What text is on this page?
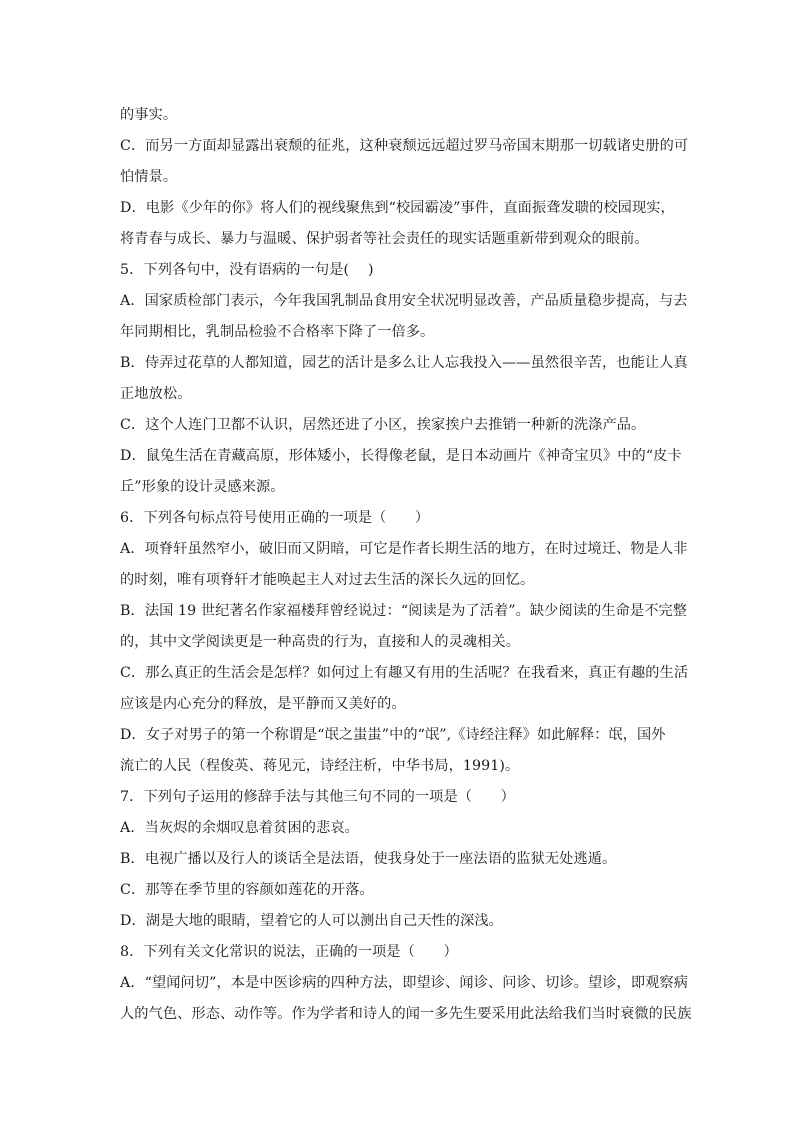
的事实。
C．而另一方面却显露出衰颓的征兆，这种衰颓远远超过罗马帝国末期那一切载诸史册的可
怕情景。
D．电影《少年的你》将人们的视线聚焦到“校园霸凌”事件，直面振聋发聩的校园现实，
将青春与成长、暴力与温暖、保护弱者等社会责任的现实话题重新带到观众的眼前。
5．下列各句中，没有语病的一句是(　 )
A．国家质检部门表示，今年我国乳制品食用安全状况明显改善，产品质量稳步提高，与去
年同期相比，乳制品检验不合格率下降了一倍多。
B．侍弄过花草的人都知道，园艺的活计是多么让人忘我投入——虽然很辛苦，也能让人真
正地放松。
C．这个人连门卫都不认识，居然还进了小区，挨家挨户去推销一种新的洗涤产品。
D．鼠兔生活在青藏高原，形体矮小，长得像老鼠，是日本动画片《神奇宝贝》中的“皮卡
丘”形象的设计灵感来源。
6．下列各句标点符号使用正确的一项是（　　）
A．项脊轩虽然窄小，破旧而又阴暗，可它是作者长期生活的地方，在时过境迁、物是人非
的时刻，唯有项脊轩才能唤起主人对过去生活的深长久远的回忆。
B．法国 19 世纪著名作家福楼拜曾经说过：“阅读是为了活着”。缺少阅读的生命是不完整
的，其中文学阅读更是一种高贵的行为，直接和人的灵魂相关。
C．那么真正的生活会是怎样？如何过上有趣又有用的生活呢？在我看来，真正有趣的生活
应该是内心充分的释放，是平静而又美好的。
D．女子对男子的第一个称谓是“氓之蚩蚩”中的“氓”,《诗经注释》如此解释：氓，国外
流亡的人民（程俊英、蒋见元，诗经注析，中华书局，1991)。
7．下列句子运用的修辞手法与其他三句不同的一项是（　　）
A．当灰烬的余烟叹息着贫困的悲哀。
B．电视广播以及行人的谈话全是法语，使我身处于一座法语的监狱无处逃遁。
C．那等在季节里的容颜如莲花的开落。
D．湖是大地的眼睛，望着它的人可以测出自己天性的深浅。
8．下列有关文化常识的说法，正确的一项是（　　）
A．“望闻问切”，本是中医诊病的四种方法，即望诊、闻诊、问诊、切诊。望诊，即观察病
人的气色、形态、动作等。作为学者和诗人的闻一多先生要采用此法给我们当时衰微的民族
